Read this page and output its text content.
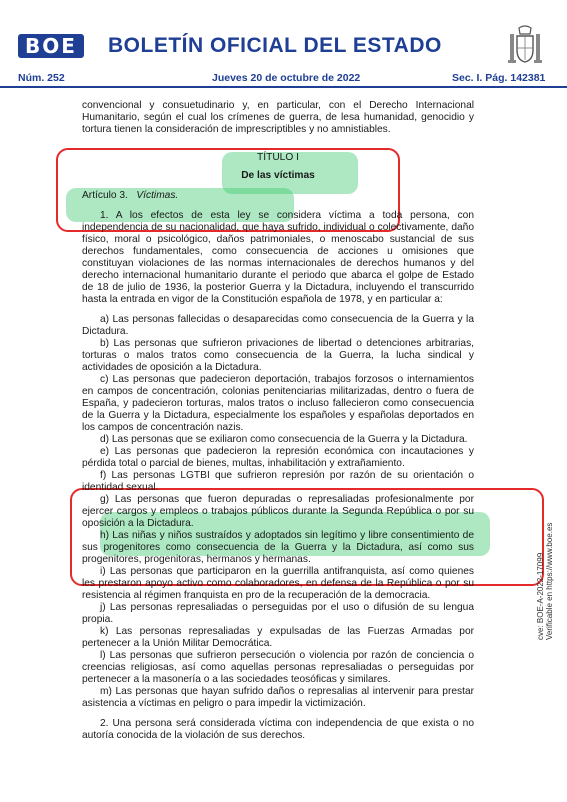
BOE	BOLETÍN OFICIAL DEL ESTADO
Núm. 252	Jueves 20 de octubre de 2022	Sec. I. Pág. 142381

convencional y consuetudinario y, en particular, con el Derecho Internacional Humanitario, según el cual los crímenes de guerra, de lesa humanidad, genocidio y tortura tienen la consideración de imprescriptibles y no amnistiables.

TÍTULO I

De las víctimas

Artículo 3. Víctimas.

1. A los efectos de esta ley se considera víctima a toda persona, con independencia de su nacionalidad, que haya sufrido, individual o colectivamente, daño físico, moral o psicológico, daños patrimoniales, o menoscabo sustancial de sus derechos fundamentales, como consecuencia de acciones u omisiones que constituyan violaciones de las normas internacionales de derechos humanos y del derecho internacional humanitario durante el periodo que abarca el golpe de Estado de 18 de julio de 1936, la posterior Guerra y la Dictadura, incluyendo el transcurrido hasta la entrada en vigor de la Constitución española de 1978, y en particular a:

a) Las personas fallecidas o desaparecidas como consecuencia de la Guerra y la Dictadura.

b) Las personas que sufrieron privaciones de libertad o detenciones arbitrarias, torturas o malos tratos como consecuencia de la Guerra, la lucha sindical y actividades de oposición a la Dictadura.

c) Las personas que padecieron deportación, trabajos forzosos o internamientos en campos de concentración, colonias penitenciarias militarizadas, dentro o fuera de España, y padecieron torturas, malos tratos o incluso fallecieron como consecuencia de la Guerra y la Dictadura, especialmente los españoles y españolas deportados en los campos de concentración nazis.

d) Las personas que se exiliaron como consecuencia de la Guerra y la Dictadura.

e) Las personas que padecieron la represión económica con incautaciones y pérdida total o parcial de bienes, multas, inhabilitación y extrañamiento.

f) Las personas LGTBI que sufrieron represión por razón de su orientación o identidad sexual.

g) Las personas que fueron depuradas o represaliadas profesionalmente por ejercer cargos y empleos o trabajos públicos durante la Segunda República o por su oposición a la Dictadura.

h) Las niñas y niños sustraídos y adoptados sin legítimo y libre consentimiento de sus progenitores como consecuencia de la Guerra y la Dictadura, así como sus progenitores, progenitoras, hermanos y hermanas.

i) Las personas que participaron en la guerrilla antifranquista, así como quienes les prestaron apoyo activo como colaboradores, en defensa de la República o por su resistencia al régimen franquista en pro de la recuperación de la democracia.

j) Las personas represaliadas o perseguidas por el uso o difusión de su lengua propia.

k) Las personas represaliadas y expulsadas de las Fuerzas Armadas por pertenecer a la Unión Militar Democrática.

l) Las personas que sufrieron persecución o violencia por razón de conciencia o creencias religiosas, así como aquellas personas represaliadas o perseguidas por pertenecer a la masonería o a las sociedades teosóficas y similares.

m) Las personas que hayan sufrido daños o represalias al intervenir para prestar asistencia a víctimas en peligro o para impedir la victimización.

2. Una persona será considerada víctima con independencia de que exista o no autoría conocida de la violación de sus derechos.

cve: BOE-A-2022-17099 Verificable en https://www.boe.es
